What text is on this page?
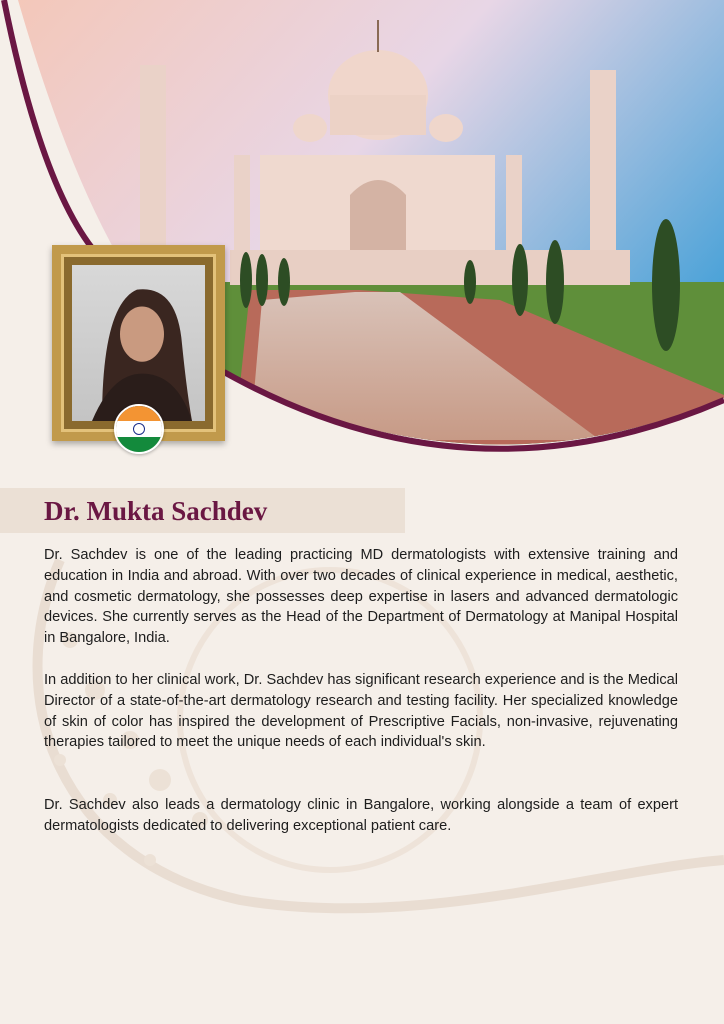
Dr. Mukta Sachdev

Dr. Sachdev is one of the leading practicing MD dermatologists with extensive training and education in India and abroad. With over two decades of clinical experience in medical, aesthetic, and cosmetic dermatology, she possesses deep expertise in lasers and advanced dermatologic devices. She currently serves as the Head of the Department of Dermatology at Manipal Hospital in Bangalore, India.

In addition to her clinical work, Dr. Sachdev has significant research experience and is the Medical Director of a state-of-the-art dermatology research and testing facility. Her specialized knowledge of skin of color has inspired the development of Prescriptive Facials, non-invasive, rejuvenating therapies tailored to meet the unique needs of each individual's skin.

Dr. Sachdev also leads a dermatology clinic in Bangalore, working alongside a team of expert dermatologists dedicated to delivering exceptional patient care.
